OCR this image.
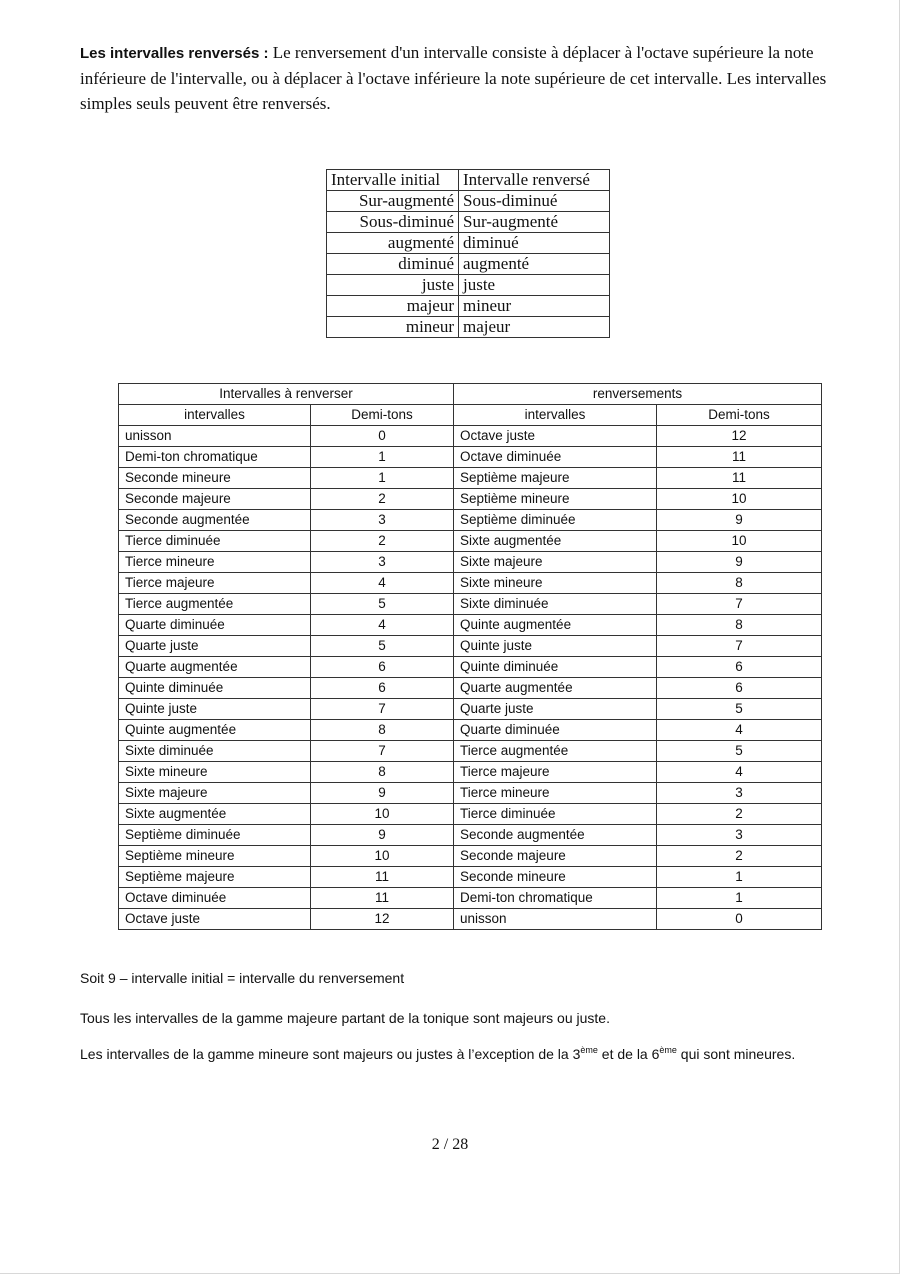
Les intervalles renversés : Le renversement d'un intervalle consiste à déplacer à l'octave supérieure la note inférieure de l'intervalle, ou à déplacer à l'octave inférieure la note supérieure de cet intervalle. Les intervalles simples seuls peuvent être renversés.

Intervalle initial	Intervalle renversé
Sur-augmenté	Sous-diminué
Sous-diminué	Sur-augmenté
augmenté	diminué
diminué	augmenté
juste	juste
majeur	mineur
mineur	majeur
Intervalles à renverser		renversements	
intervalles	Demi-tons	intervalles	Demi-tons
unisson	0	Octave juste	12
Demi-ton chromatique	1	Octave diminuée	11
Seconde mineure	1	Septième majeure	11
Seconde majeure	2	Septième mineure	10
Seconde augmentée	3	Septième diminuée	9
Tierce diminuée	2	Sixte augmentée	10
Tierce mineure	3	Sixte majeure	9
Tierce majeure	4	Sixte mineure	8
Tierce augmentée	5	Sixte diminuée	7
Quarte diminuée	4	Quinte augmentée	8
Quarte juste	5	Quinte juste	7
Quarte augmentée	6	Quinte diminuée	6
Quinte diminuée	6	Quarte augmentée	6
Quinte juste	7	Quarte juste	5
Quinte augmentée	8	Quarte diminuée	4
Sixte diminuée	7	Tierce augmentée	5
Sixte mineure	8	Tierce majeure	4
Sixte majeure	9	Tierce mineure	3
Sixte augmentée	10	Tierce diminuée	2
Septième diminuée	9	Seconde augmentée	3
Septième mineure	10	Seconde majeure	2
Septième majeure	11	Seconde mineure	1
Octave diminuée	11	Demi-ton chromatique	1
Octave juste	12	unisson	0

Soit 9 – intervalle initial = intervalle du renversement

Tous les intervalles de la gamme majeure partant de la tonique sont majeurs ou juste.

Les intervalles de la gamme mineure sont majeurs ou justes à l’exception de la 3ème et de la 6ème qui sont mineures.

2 / 28
